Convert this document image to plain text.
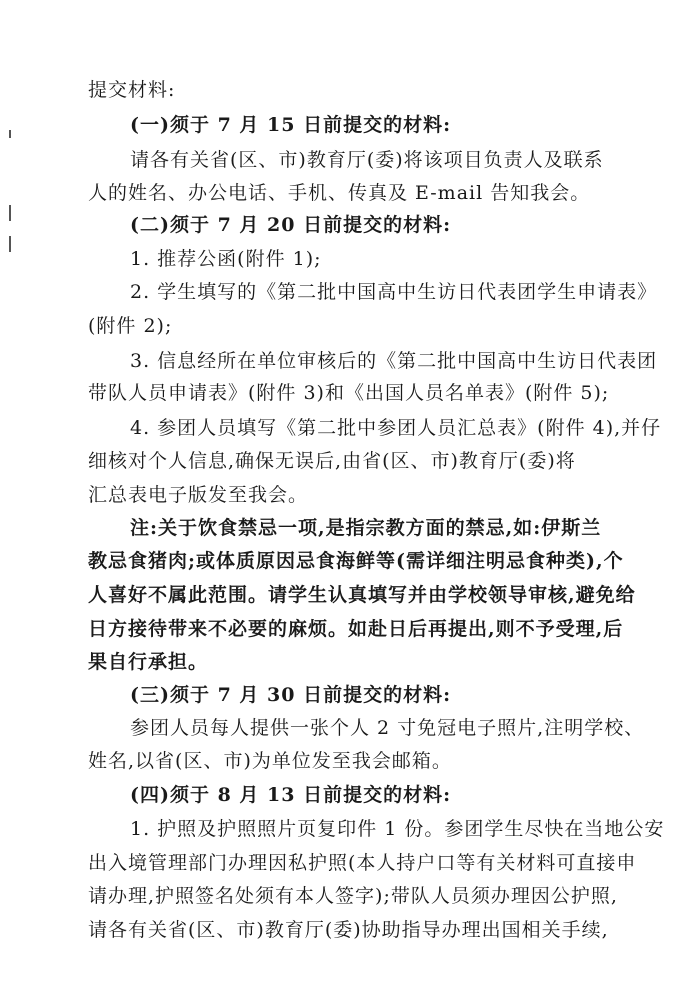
提交材料:
(一)须于 7 月 15 日前提交的材料:
请各有关省(区、市)教育厅(委)将该项目负责人及联系
人的姓名、办公电话、手机、传真及 E-mail 告知我会。
(二)须于 7 月 20 日前提交的材料:
1. 推荐公函(附件 1);
2. 学生填写的《第二批中国高中生访日代表团学生申请表》
(附件 2);
3. 信息经所在单位审核后的《第二批中国高中生访日代表团
带队人员申请表》(附件 3)和《出国人员名单表》(附件 5);
4. 参团人员填写《第二批中参团人员汇总表》(附件 4),并仔
细核对个人信息,确保无误后,由省(区、市)教育厅(委)将
汇总表电子版发至我会。
注:关于饮食禁忌一项,是指宗教方面的禁忌,如:伊斯兰
教忌食猪肉;或体质原因忌食海鲜等(需详细注明忌食种类),个
人喜好不属此范围。请学生认真填写并由学校领导审核,避免给
日方接待带来不必要的麻烦。如赴日后再提出,则不予受理,后
果自行承担。
(三)须于 7 月 30 日前提交的材料:
参团人员每人提供一张个人 2 寸免冠电子照片,注明学校、
姓名,以省(区、市)为单位发至我会邮箱。
(四)须于 8 月 13 日前提交的材料:
1. 护照及护照照片页复印件 1 份。参团学生尽快在当地公安
出入境管理部门办理因私护照(本人持户口等有关材料可直接申
请办理,护照签名处须有本人签字);带队人员须办理因公护照,
请各有关省(区、市)教育厅(委)协助指导办理出国相关手续,
